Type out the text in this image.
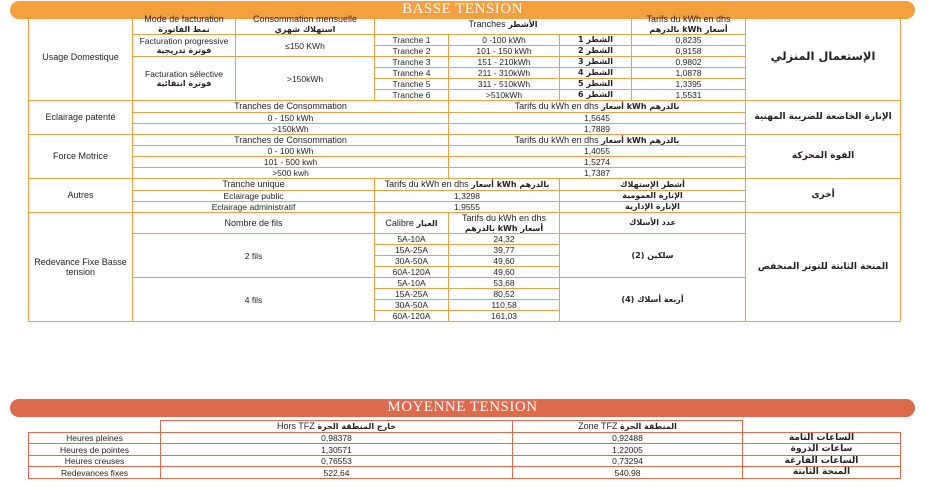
BASSE TENSION
Usage Domestique	Mode de facturation
نمط الفاتورة	Consommation mensuelle
استهلاك شهري	Tranches الأشطر			Tarifs du kWh en dhs
أسعار kWh بالدرهم	الإستعمال المنزلي

	Facturation progressive
فوترة تدريجية	≤150 KWh	Tranche 1	0 -100 kWh	الشطر 1	0,8235	
			Tranche 2	101 - 150 kWh	الشطر 2	0,9158	

	Facturation sélective
فوترة انتقائية	>150kWh	Tranche 3	151 - 210kWh	الشطر 3	0,9802	
			Tranche 4	211 - 310kWh	الشطر 4	1,0878	
			Tranche 5	311 - 510kWh	الشطر 5	1,3395	
			Tranche 6	>510kWh	الشطر 6	1,5531	
Eclairage patenté	Tranches de Consommation			Tarifs du kWh en dhs أسعار kWh بالدرهم			الإنارة الخاضعة للضريبة المهنية
	0 - 150 kWh			1,5645			
	>150kWh			1,7889			
Force Motrice	Tranches de Consommation			Tarifs du kWh en dhs أسعار kWh بالدرهم			القوة المحركة
	0 - 100 kWh			1,4055			
	101 - 500 kwh			1,5274			
	>500 kwh			1,7387			
Autres	Tranche unique		Tarifs du kWh en dhs أسعار kWh بالدرهم		أشطر الإستهلاك		أخرى
	Eclairage public		1,3298		الإنارة العمومية		
	Eclairage administratif		1,9555		الإنارة الإدارية		
Redevance Fixe Basse tension	Nombre de fils		Calibre العيار	Tarifs du kWh en dhs
أسعار kWh بالدرهم	عدد الأسلاك		المنحة الثابتة للتوتر المنخفض
	2 fils		5A-10A	24,32	سلكين (2)		
			15A-25A	39,77			
			30A-50A	49,60			
			60A-120A	49,60			
	4 fils		5A-10A	53,68	أربعة أسلاك (4)		
			15A-25A	80,52			
			30A-50A	110,58			
			60A-120A	161,03			
MOYENNE TENSION
	Hors TFZ خارج المنطقة الحرة	Zone TFZ المنطقة الحرة	
Heures pleines	0,98378	0,92488	الساعات التامة
Heures de pointes	1,30571	1,22005	ساعات الذروة
Heures creuses	0,76553	0,73294	الساعات الفارغة
Redevances fixes	522,64	540.98	المنحة الثابتة
